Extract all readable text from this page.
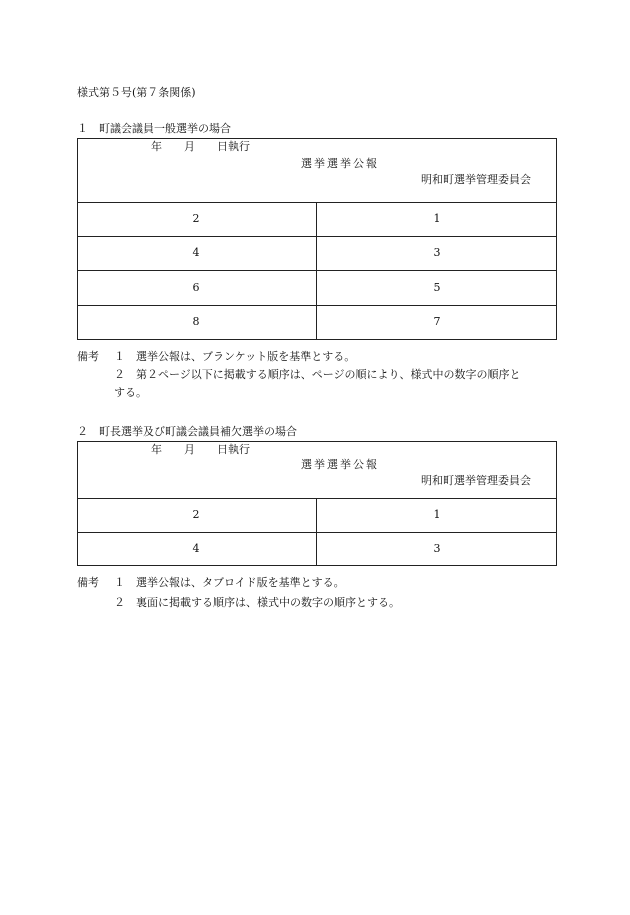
様式第５号(第７条関係)
１　町議会議員一般選挙の場合
年　　月　　日執行
選挙選挙公報
明和町選挙管理委員会
2	1
4	3
6	5
8	7
備考 １ 選挙公報は、ブランケット版を基準とする。
２ 第２ページ以下に掲載する順序は、ページの順により、様式中の数字の順序と
する。
２　町長選挙及び町議会議員補欠選挙の場合
年　　月　　日執行
選挙選挙公報
明和町選挙管理委員会
2	1
4	3
備考 １ 選挙公報は、タブロイド版を基準とする。
２ 裏面に掲載する順序は、様式中の数字の順序とする。
